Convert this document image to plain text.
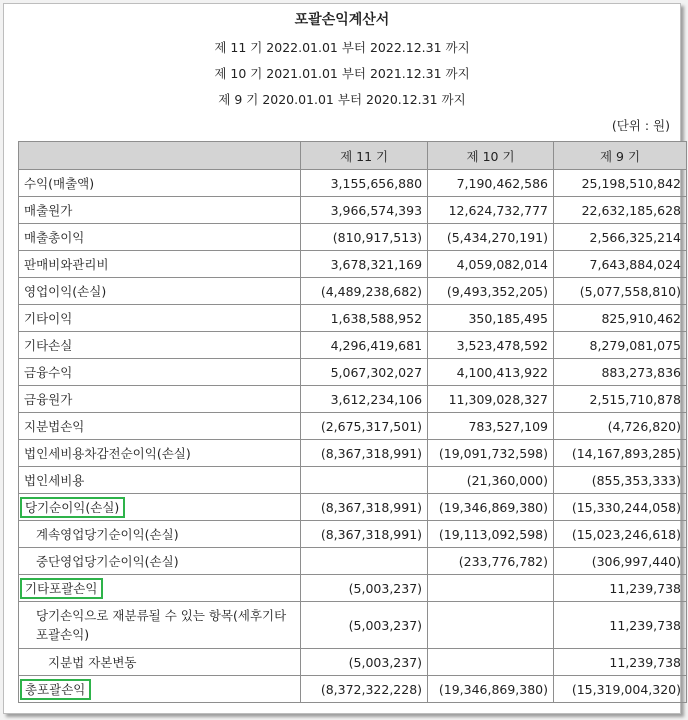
포괄손익계산서
제 11 기 2022.01.01 부터 2022.12.31 까지
제 10 기 2021.01.01 부터 2021.12.31 까지
제 9 기 2020.01.01 부터 2020.12.31 까지
(단위 : 원)
	제 11 기	제 10 기	제 9 기
수익(매출액)	3,155,656,880	7,190,462,586	25,198,510,842
매출원가	3,966,574,393	12,624,732,777	22,632,185,628
매출총이익	(810,917,513)	(5,434,270,191)	2,566,325,214
판매비와관리비	3,678,321,169	4,059,082,014	7,643,884,024
영업이익(손실)	(4,489,238,682)	(9,493,352,205)	(5,077,558,810)
기타이익	1,638,588,952	350,185,495	825,910,462
기타손실	4,296,419,681	3,523,478,592	8,279,081,075
금융수익	5,067,302,027	4,100,413,922	883,273,836
금융원가	3,612,234,106	11,309,028,327	2,515,710,878
지분법손익	(2,675,317,501)	783,527,109	(4,726,820)
법인세비용차감전순이익(손실)	(8,367,318,991)	(19,091,732,598)	(14,167,893,285)
법인세비용		(21,360,000)	(855,353,333)
당기순이익(손실)	(8,367,318,991)	(19,346,869,380)	(15,330,244,058)
계속영업당기순이익(손실)	(8,367,318,991)	(19,113,092,598)	(15,023,246,618)
중단영업당기순이익(손실)		(233,776,782)	(306,997,440)
기타포괄손익	(5,003,237)		11,239,738
당기손익으로 재분류될 수 있는 항목(세후기타포괄손익)	(5,003,237)		11,239,738
지분법 자본변동	(5,003,237)		11,239,738
총포괄손익	(8,372,322,228)	(19,346,869,380)	(15,319,004,320)
